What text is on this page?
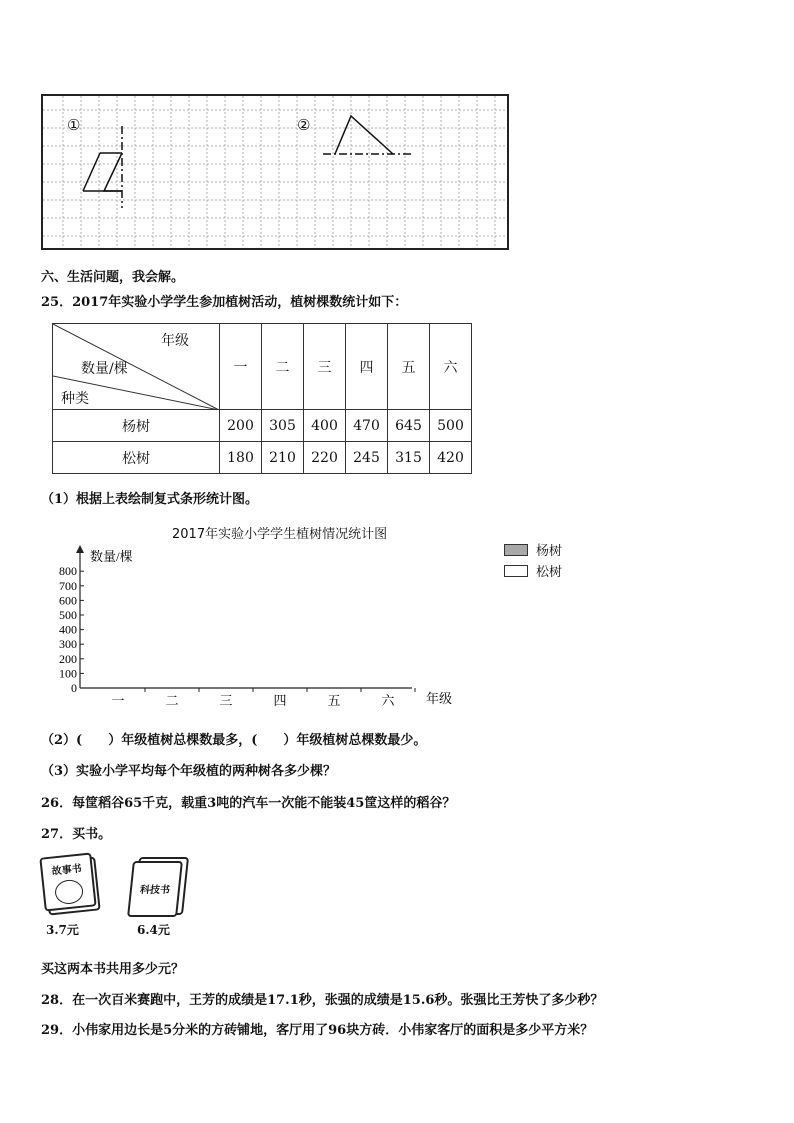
①	②
六、生活问题，我会解。
25．2017年实验小学学生参加植树活动，植树棵数统计如下：
年级
数量/棵
种类	一	二	三	四	五	六
杨树	200	305	400	470	645	500
松树	180	210	220	245	315	420
（1）根据上表绘制复式条形统计图。
2017年实验小学学生植树情况统计图
杨树
松树
数量/棵
年级
800
700
600
500
400
300
200
100
0
一	二	三	四	五	六
（2）(　　）年级植树总棵数最多，(　　）年级植树总棵数最少。
（3）实验小学平均每个年级植的两种树各多少棵？
26．每筐稻谷65千克，载重3吨的汽车一次能不能装45筐这样的稻谷？
27．买书。
故事书
3.7元
科技书
6.4元
买这两本书共用多少元？
28．在一次百米赛跑中，王芳的成绩是17.1秒，张强的成绩是15.6秒。张强比王芳快了多少秒？
29．小伟家用边长是5分米的方砖铺地，客厅用了96块方砖．小伟家客厅的面积是多少平方米？
